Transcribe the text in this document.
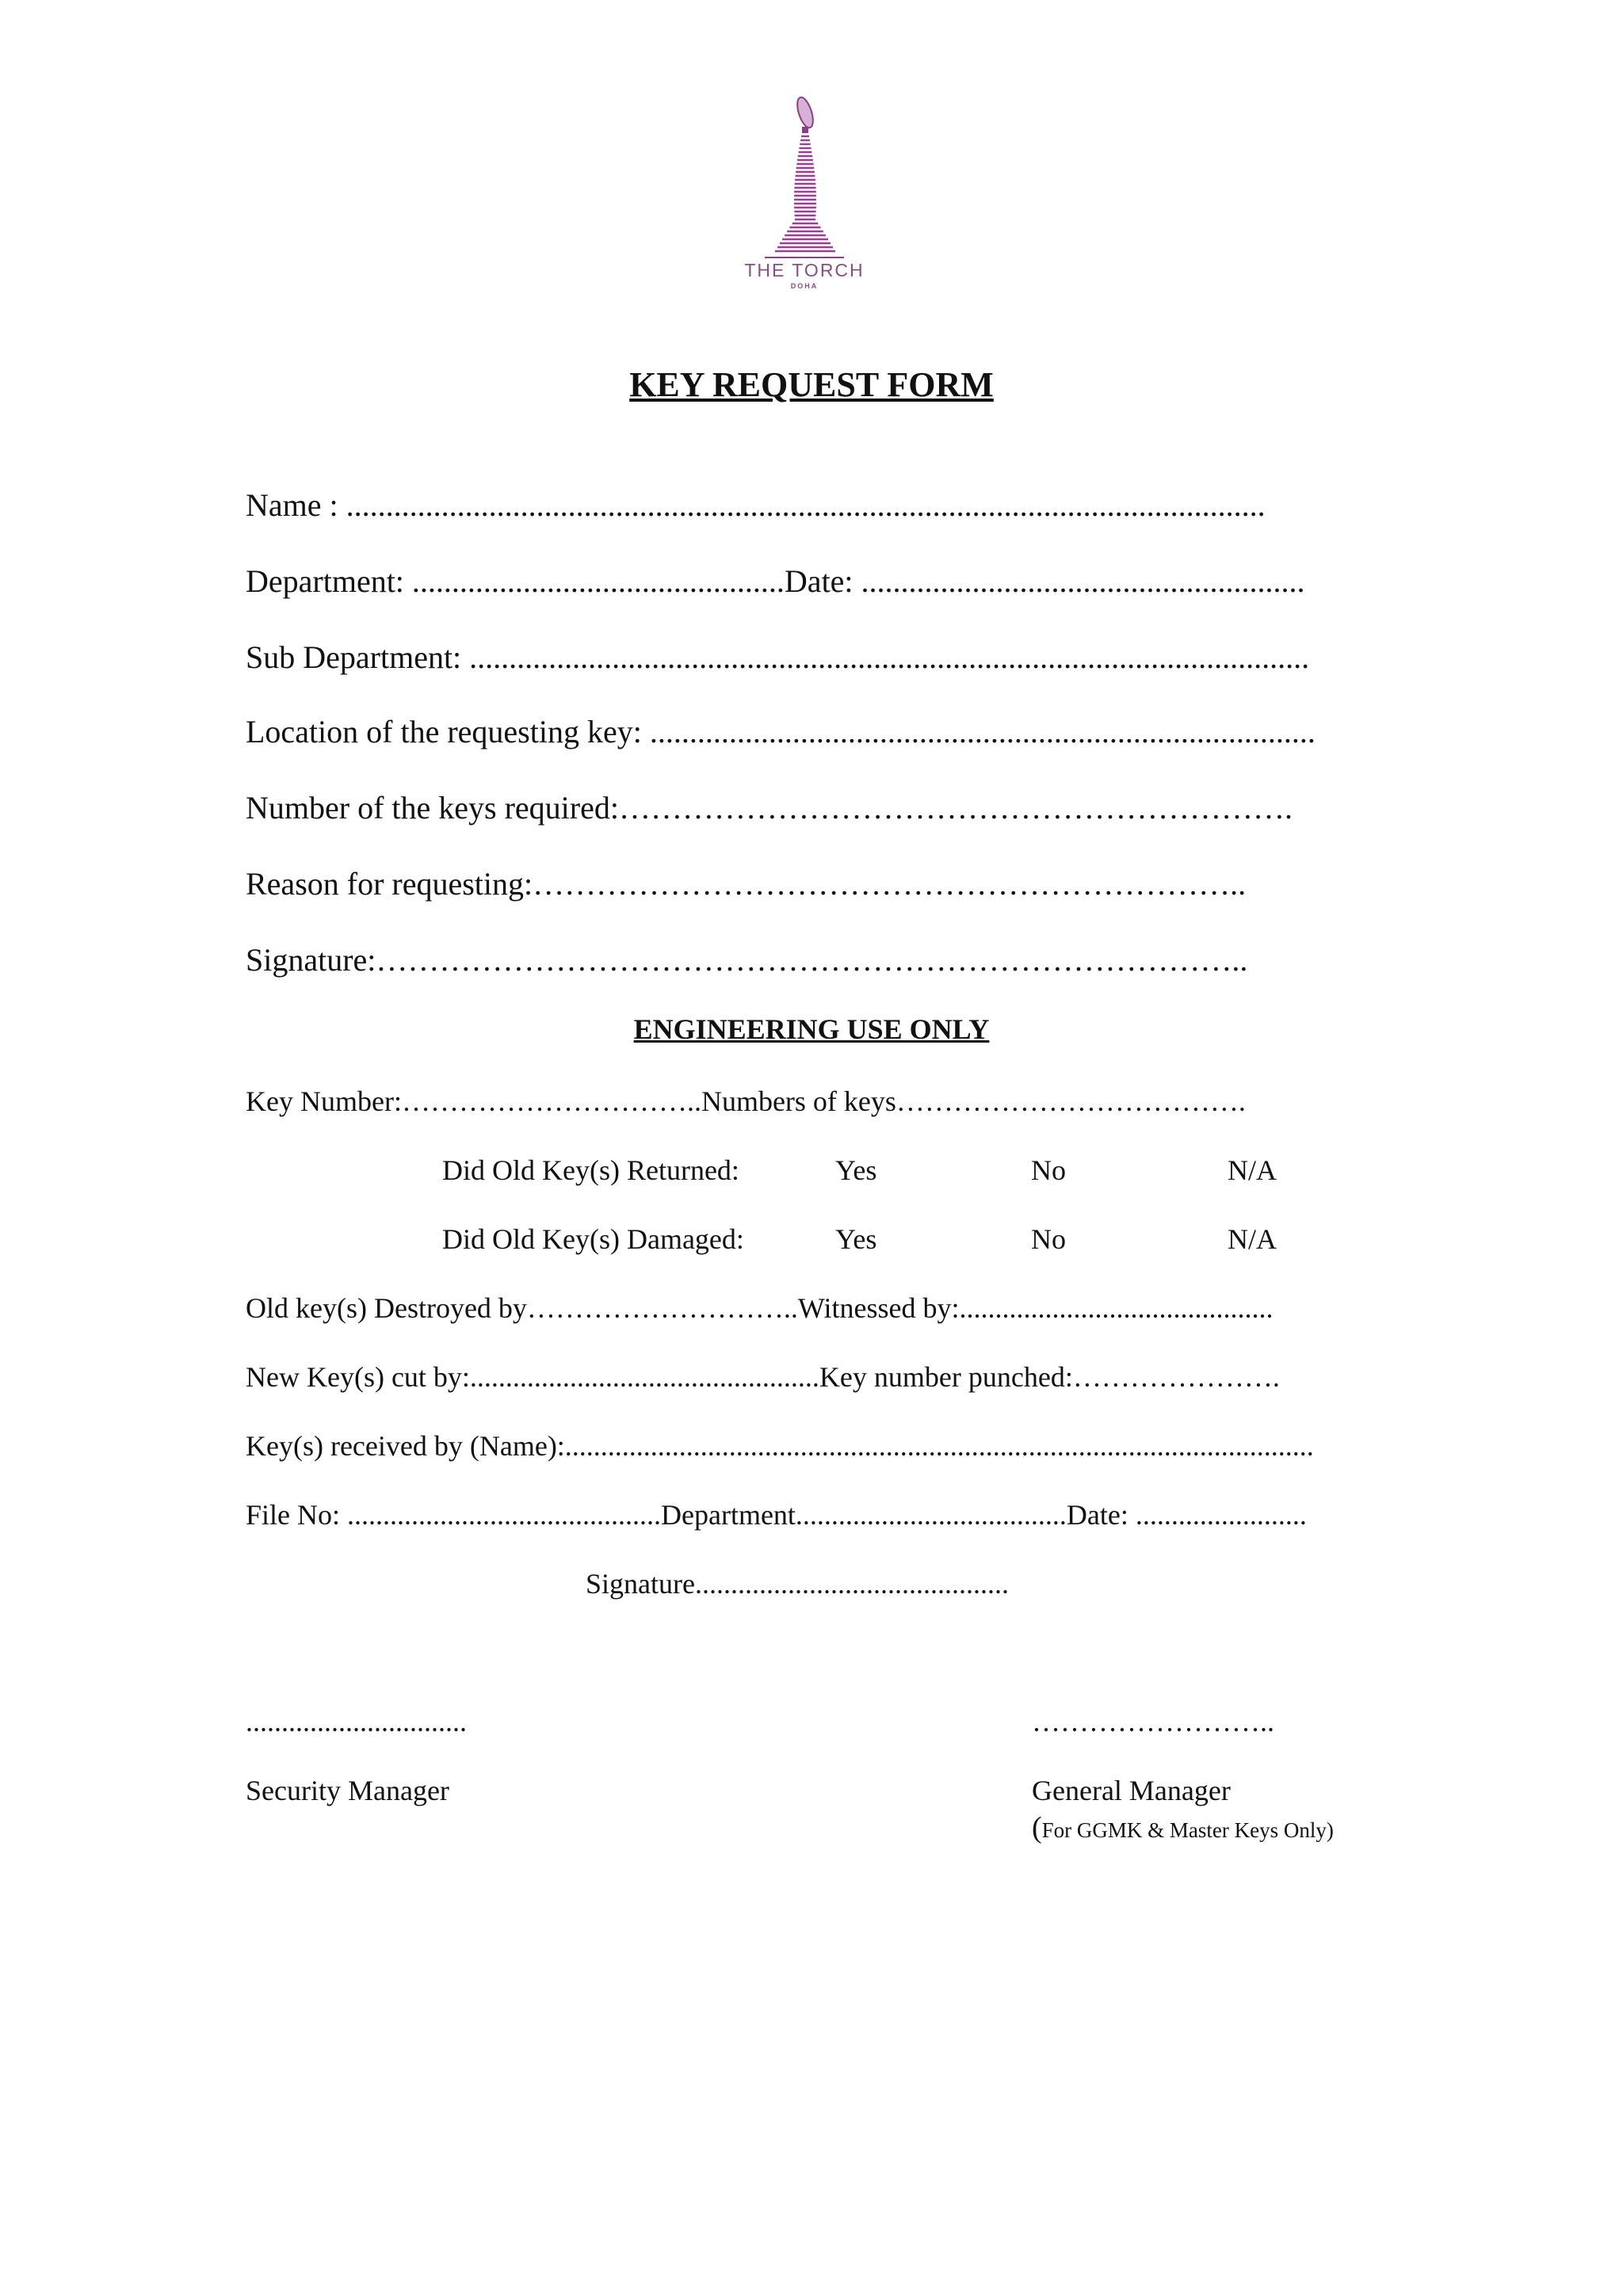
THE TORCH
DOHA
KEY REQUEST FORM
Name : ....................................................................................................................
Department: ...............................................Date: ........................................................
Sub Department: ..........................................................................................................
Location of the requesting key: ....................................................................................
Number of the keys required:……………………………………………………….
Reason for requesting:…………………………………………………………..
Signature:………………………………………………………………………..
ENGINEERING USE ONLY
Key Number:…………………………..Numbers of keys……………………………….
Did Old Key(s) Returned:	Yes	No	N/A
Did Old Key(s) Damaged:	Yes	No	N/A
Old key(s) Destroyed by………………………..Witnessed by:............................................
New Key(s) cut by:.................................................Key number punched:………………….
Key(s) received by (Name):.........................................................................................................
File No: ............................................Department......................................Date: ........................
Signature............................................
...............................
Security Manager
……………………..
General Manager
(For GGMK & Master Keys Only)
